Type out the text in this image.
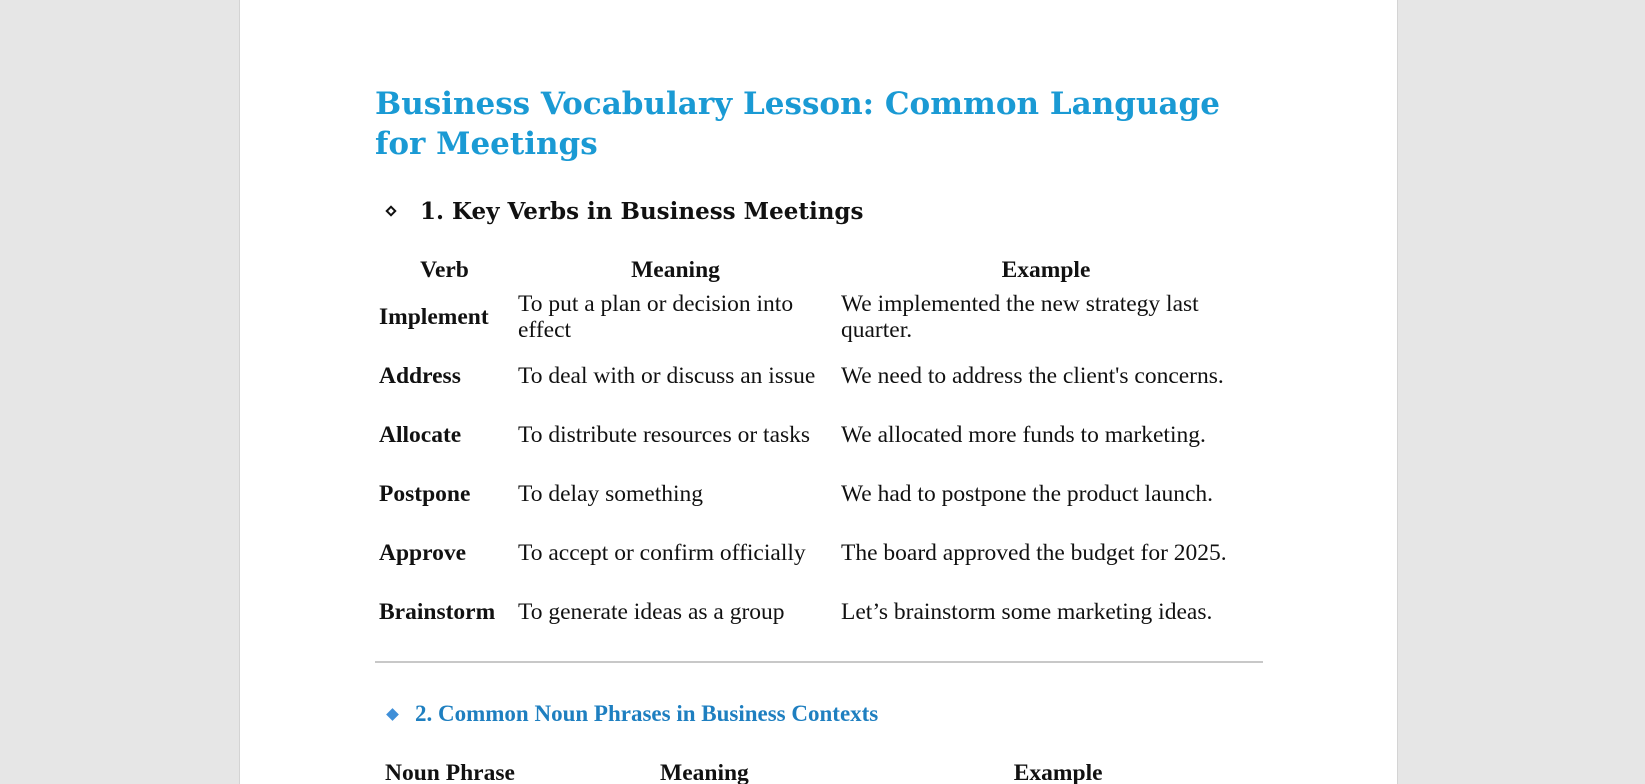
Business Vocabulary Lesson: Common Language for Meetings
1. Key Verbs in Business Meetings
Verb	Meaning	Example
Implement	To put a plan or decision into effect	We implemented the new strategy last quarter.
Address	To deal with or discuss an issue	We need to address the client's concerns.
Allocate	To distribute resources or tasks	We allocated more funds to marketing.
Postpone	To delay something	We had to postpone the product launch.
Approve	To accept or confirm officially	The board approved the budget for 2025.
Brainstorm	To generate ideas as a group	Let’s brainstorm some marketing ideas.
2. Common Noun Phrases in Business Contexts
Noun Phrase	Meaning	Example
